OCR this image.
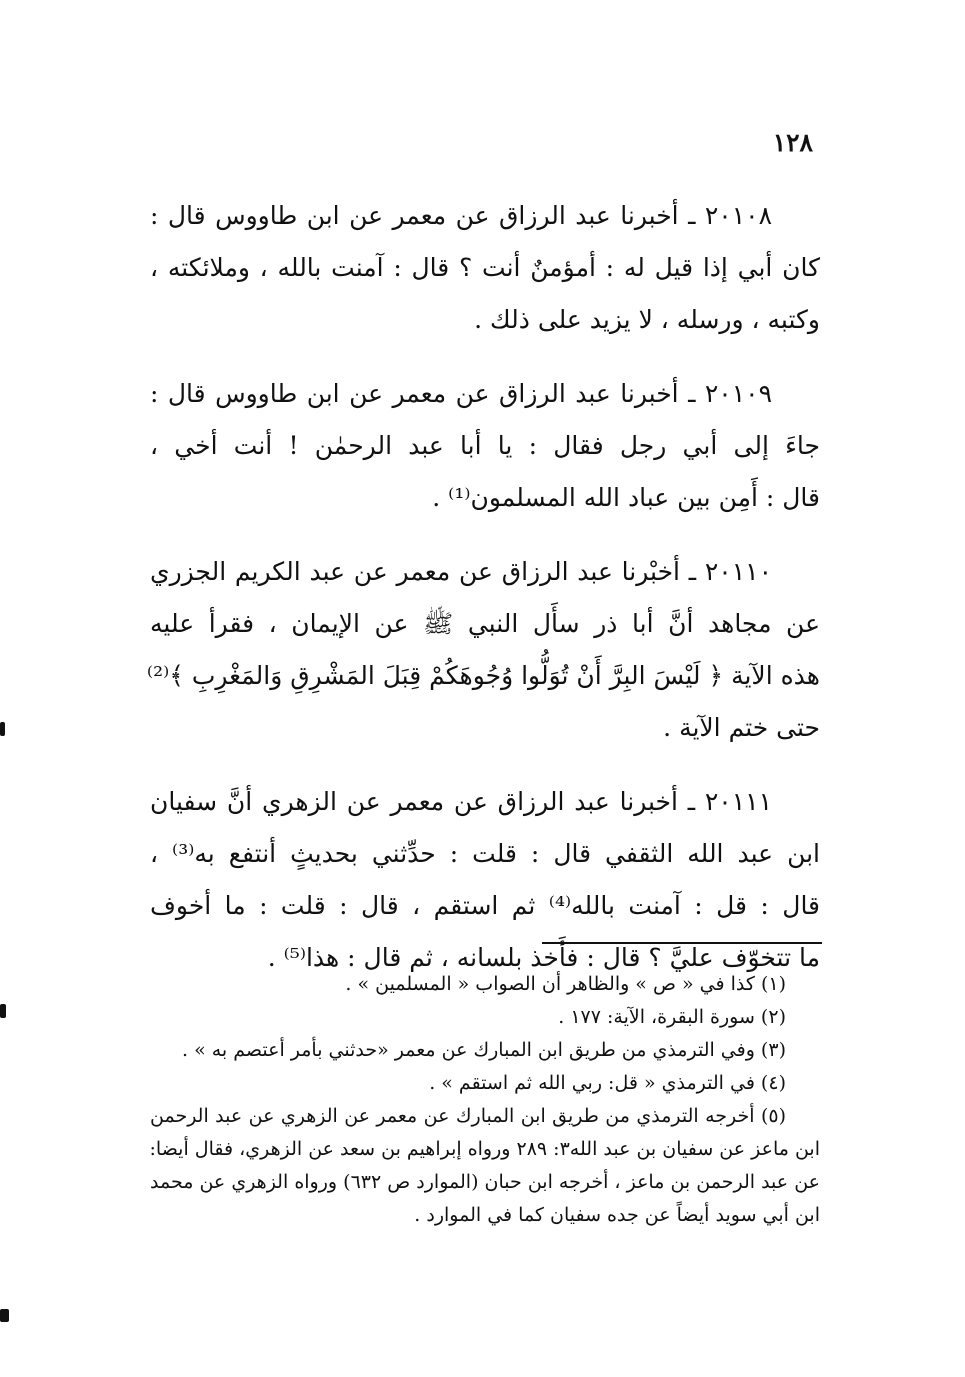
١٢٨
٢٠١٠٨ ـ أخبرنا عبد الرزاق عن معمر عن ابن طاووس قال :
كان أبي إذا قيل له : أمؤمنٌ أنت ؟ قال : آمنت بالله ، وملائكته ،
وكتبه ، ورسله ، لا يزيد على ذلك .
٢٠١٠٩ ـ أخبرنا عبد الرزاق عن معمر عن ابن طاووس قال :
جاءَ إلى أبي رجل فقال : يا أبا عبد الرحمٰن ! أنت أخي ،
قال : أَمِن بين عباد الله المسلمون⁽¹⁾ .
٢٠١١٠ ـ أخبْرنا عبد الرزاق عن معمر عن عبد الكريم الجزري
عن مجاهد أنَّ أبا ذر سأَل النبي ﷺ عن الإيمان ، فقرأ عليه
هذه الآية ﴿ لَيْسَ البِرَّ أَنْ تُوَلُّوا وُجُوهَكُمْ قِبَلَ المَشْرِقِ وَالمَغْرِبِ ﴾⁽²⁾
حتى ختم الآية .
٢٠١١١ ـ أخبرنا عبد الرزاق عن معمر عن الزهري أنَّ سفيان
ابن عبد الله الثقفي قال : قلت : حدِّثني بحديثٍ أنتفع به⁽³⁾ ،
قال : قل : آمنت بالله⁽⁴⁾ ثم استقم ، قال : قلت : ما أخوف
ما تتخوّف عليَّ ؟ قال : فأَخذ بلسانه ، ثم قال : هذا⁽⁵⁾ .
(١) كذا في « ص » والظاهر أن الصواب « المسلمين » .
(٢) سورة البقرة، الآية: ١٧٧ .
(٣) وفي الترمذي من طريق ابن المبارك عن معمر «حدثني بأمر أعتصم به » .
(٤) في الترمذي « قل: ربي الله ثم استقم » .
(٥) أخرجه الترمذي من طريق ابن المبارك عن معمر عن الزهري عن عبد الرحمن
ابن ماعز عن سفيان بن عبد الله٣: ٢٨٩ ورواه إبراهيم بن سعد عن الزهري، فقال أيضا:
عن عبد الرحمن بن ماعز ، أخرجه ابن حبان (الموارد ص ٦٣٢) ورواه الزهري عن محمد
ابن أبي سويد أيضاً عن جده سفيان كما في الموارد .
